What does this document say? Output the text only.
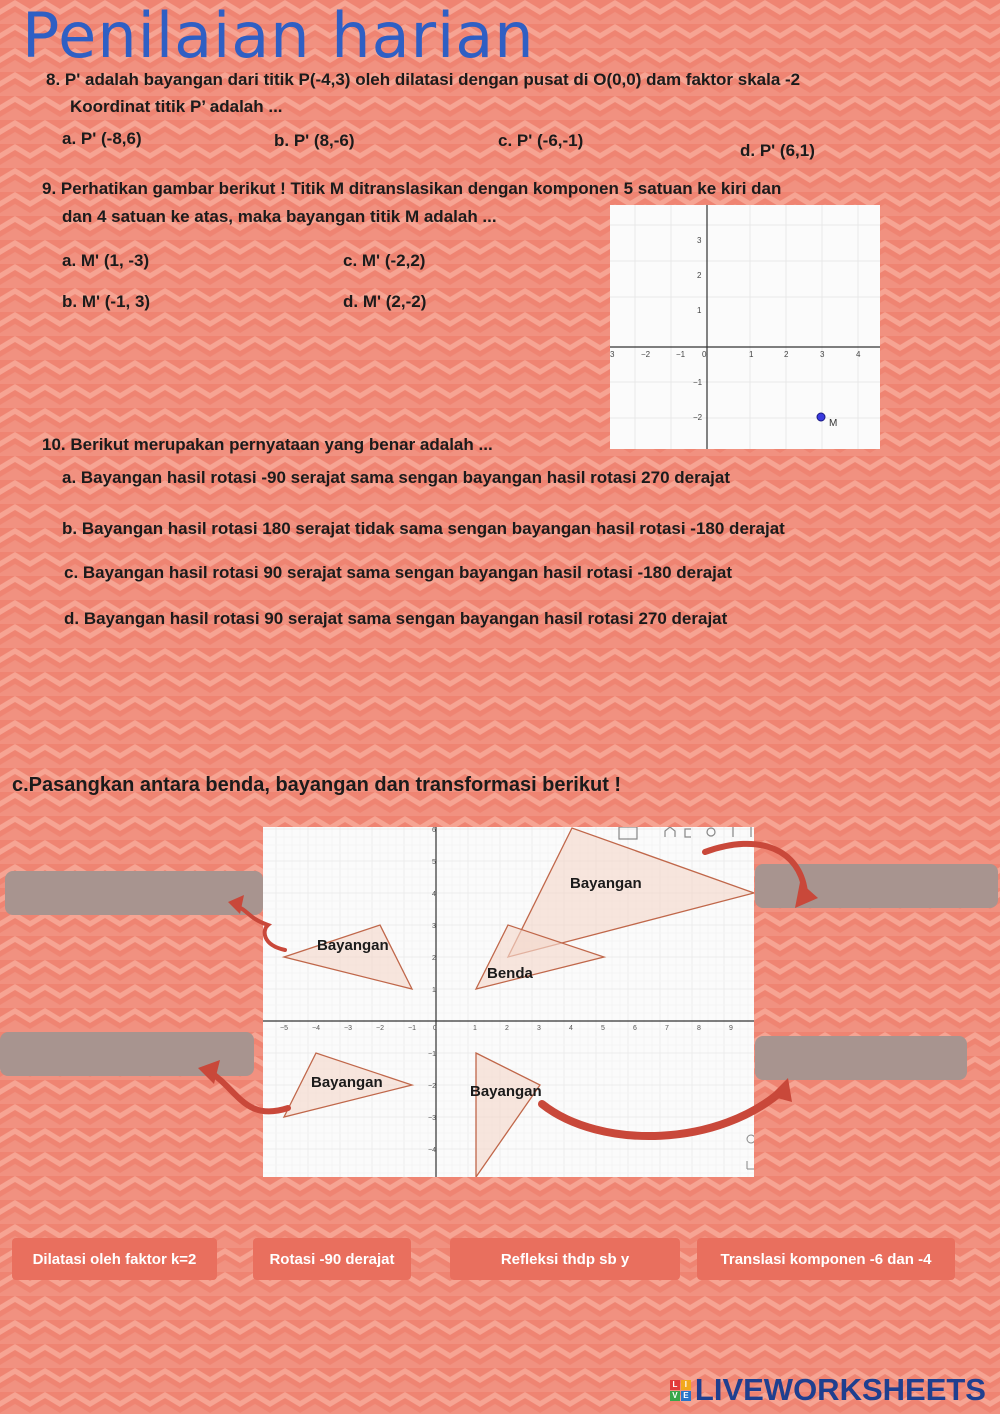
Penilaian harian
8. P' adalah bayangan dari titik P(-4,3) oleh dilatasi dengan pusat di O(0,0) dam faktor skala -2
Koordinat titik P’ adalah ...
a. P' (-8,6)	b. P' (8,-6)	c. P' (-6,-1)
d. P' (6,1)
9. Perhatikan gambar berikut ! Titik M ditranslasikan dengan komponen 5 satuan ke kiri dan
dan 4 satuan ke atas, maka bayangan titik M adalah ...
a. M' (1, -3)
b. M' (-1, 3)
c. M' (-2,2)
d. M' (2,-2)
3	−2	−1 0	1	2	3	4
3
2
1
−1
−2
M
10. Berikut merupakan pernyataan yang benar adalah ...
a. Bayangan hasil rotasi -90 serajat sama sengan bayangan hasil rotasi 270 derajat
b. Bayangan hasil rotasi 180 serajat tidak sama sengan bayangan hasil rotasi -180 derajat
c. Bayangan hasil rotasi 90 serajat sama sengan bayangan hasil rotasi -180 derajat
d. Bayangan hasil rotasi 90 serajat sama sengan bayangan hasil rotasi 270 derajat
c.Pasangkan antara benda, bayangan dan transformasi berikut !
−5	−4	−3	−2	−1 0	1	2	3	4	5	6	7	8	9
6
5
4
3
2
1
−1
−2
−3
−4
Bayangan
Bayangan
Benda
Bayangan
Bayangan
Dilatasi oleh faktor k=2	Rotasi -90 derajat	Refleksi thdp sb y	Translasi komponen -6 dan -4
L I
V E LIVEWORKSHEETS
